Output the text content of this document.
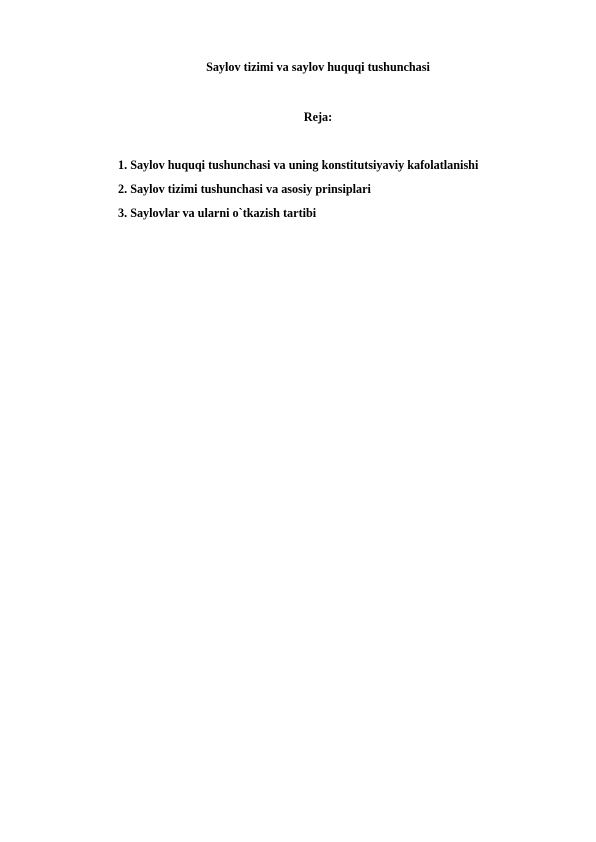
Saylov tizimi va saylov huquqi tushunchasi
Reja:
1. Saylov huquqi tushunchasi va uning konstitutsiyaviy kafolatlanishi
2. Saylov tizimi tushunchasi va asosiy prinsiplari
3. Saylovlar va ularni o`tkazish tartibi
